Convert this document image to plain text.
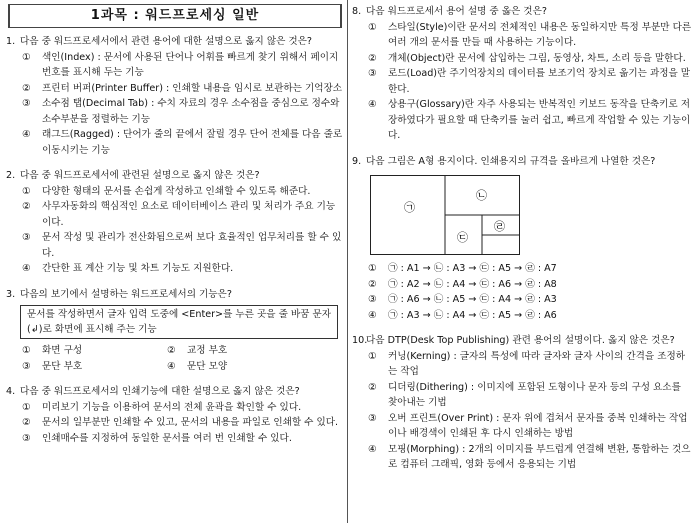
1과목 : 워드프로세싱 일반
1. 다음 중 워드프로세서에서 관련 용어에 대한 설명으로 옳지 않은 것은?
①	색인(Index) : 문서에 사용된 단어나 어휘를 빠르게 찾기 위해서 페이지 번호를 표시해 두는 기능
②	프린터 버퍼(Printer Buffer) : 인쇄할 내용을 임시로 보관하는 기억장소
③	소수점 탭(Decimal Tab) : 수치 자료의 경우 소수점을 중심으로 정수와 소수부분을 정렬하는 기능
④	래그드(Ragged) : 단어가 줄의 끝에서 잘릴 경우 단어 전체를 다음 줄로 이동시키는 기능
2. 다음 중 워드프로세서에 관련된 설명으로 옳지 않은 것은?
①	다양한 형태의 문서를 손쉽게 작성하고 인쇄할 수 있도록 해준다.
②	사무자동화의 핵심적인 요소로 데이터베이스 관리 및 처리가 주요 기능이다.
③	문서 작성 및 관리가 전산화됨으로써 보다 효율적인 업무처리를 할 수 있다.
④	간단한 표 계산 기능 및 차트 기능도 지원한다.
3. 다음의 보기에서 설명하는 워드프로세서의 기능은?
문서를 작성하면서 글자 입력 도중에 <Enter>를 누른 곳을 줄 바꿈 문자(↲)로 화면에 표시해 주는 기능
①	화면 구성	②	교정 부호
③	문단 부호	④	문단 모양
4. 다음 중 워드프로세서의 인쇄기능에 대한 설명으로 옳지 않은 것은?
①	미리보기 기능을 이용하여 문서의 전체 윤곽을 확인할 수 있다.
②	문서의 일부분만 인쇄할 수 있고, 문서의 내용을 파일로 인쇄할 수 있다.
③	인쇄매수를 지정하여 동일한 문서를 여러 번 인쇄할 수 있다.
8. 다음 워드프로세서 용어 설명 중 옳은 것은?
①	스타일(Style)이란 문서의 전체적인 내용은 동일하지만 특정 부분만 다른 여러 개의 문서를 만들 때 사용하는 기능이다.
②	개체(Object)란 문서에 삽입하는 그림, 동영상, 차트, 소리 등을 말한다.
③	로드(Load)란 주기억장치의 데이터를 보조기억 장치로 옮기는 과정을 말한다.
④	상용구(Glossary)란 자주 사용되는 반복적인 키보드 동작을 단축키로 저장하였다가 필요할 때 단축키를 눌러 쉽고, 빠르게 작업할 수 있는 기능이다.
9. 다음 그림은 A형 용지이다. 인쇄용지의 규격을 올바르게 나열한 것은?
㉠
㉡
㉢
㉣
①	㉠ : A1 → ㉡ : A3 → ㉢ : A5 → ㉣ : A7
②	㉠ : A2 → ㉡ : A4 → ㉢ : A6 → ㉣ : A8
③	㉠ : A6 → ㉡ : A5 → ㉢ : A4 → ㉣ : A3
④	㉠ : A3 → ㉡ : A4 → ㉢ : A5 → ㉣ : A6
10.다음 DTP(Desk Top Publishing) 관련 용어의 설명이다. 옳지 않은 것은?
①	커닝(Kerning) : 글자의 특성에 따라 글자와 글자 사이의 간격을 조정하는 작업
②	디더링(Dithering) : 이미지에 포함된 도형이나 문자 등의 구성 요소를 찾아내는 기법
③	오버 프린트(Over Print) : 문자 위에 겹쳐서 문자를 중복 인쇄하는 작업이나 배경색이 인쇄된 후 다시 인쇄하는 방법
④	모핑(Morphing) : 2개의 이미지를 부드럽게 연결해 변환, 통합하는 것으로 컴퓨터 그래픽, 영화 등에서 응용되는 기법
